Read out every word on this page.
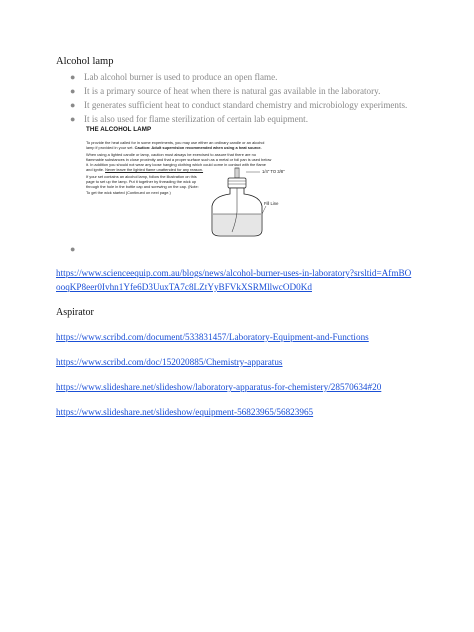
Alcohol lamp
● Lab alcohol burner is used to produce an open flame.
● It is a primary source of heat when there is natural gas available in the laboratory.
● It generates sufficient heat to conduct standard chemistry and microbiology experiments.
● It is also used for flame sterilization of certain lab equipment.
THE ALCOHOL LAMP

To provide the heat called for in some experiments, you may use either an ordinary candle or an alcohol lamp if provided in your set. Caution: Adult supervision recommended when using a heat source.

When using a lighted candle or lamp, caution must always be exercised to assure that there are no flammable substances in close proximity and that a proper surface such as a metal or foil pan is used below it. In addition you should not wear any loose hanging clothing which could come in contact with the flame and ignite. Never leave the lighted flame unattended for any reason.

If your set contains an alcohol lamp, follow the illustration on this page to set up the lamp. Put it together by threading the wick up through the hole in the bottle cap and screwing on the cap. (Note: To get the wick started (Continued on next page.)

1/4" TO 3/8"
Fill Line
●
https://www.scienceequip.com.au/blogs/news/alcohol-burner-uses-in-laboratory?srsltid=AfmBO
ooqKP8eer0Ivhn1Yfe6D3UuxTA7c8LZtYyBFVkXSRMllwcOD0Kd
Aspirator
https://www.scribd.com/document/533831457/Laboratory-Equipment-and-Functions
https://www.scribd.com/doc/152020885/Chemistry-apparatus
https://www.slideshare.net/slideshow/laboratory-apparatus-for-chemistery/28570634#20
https://www.slideshare.net/slideshow/equipment-56823965/56823965
